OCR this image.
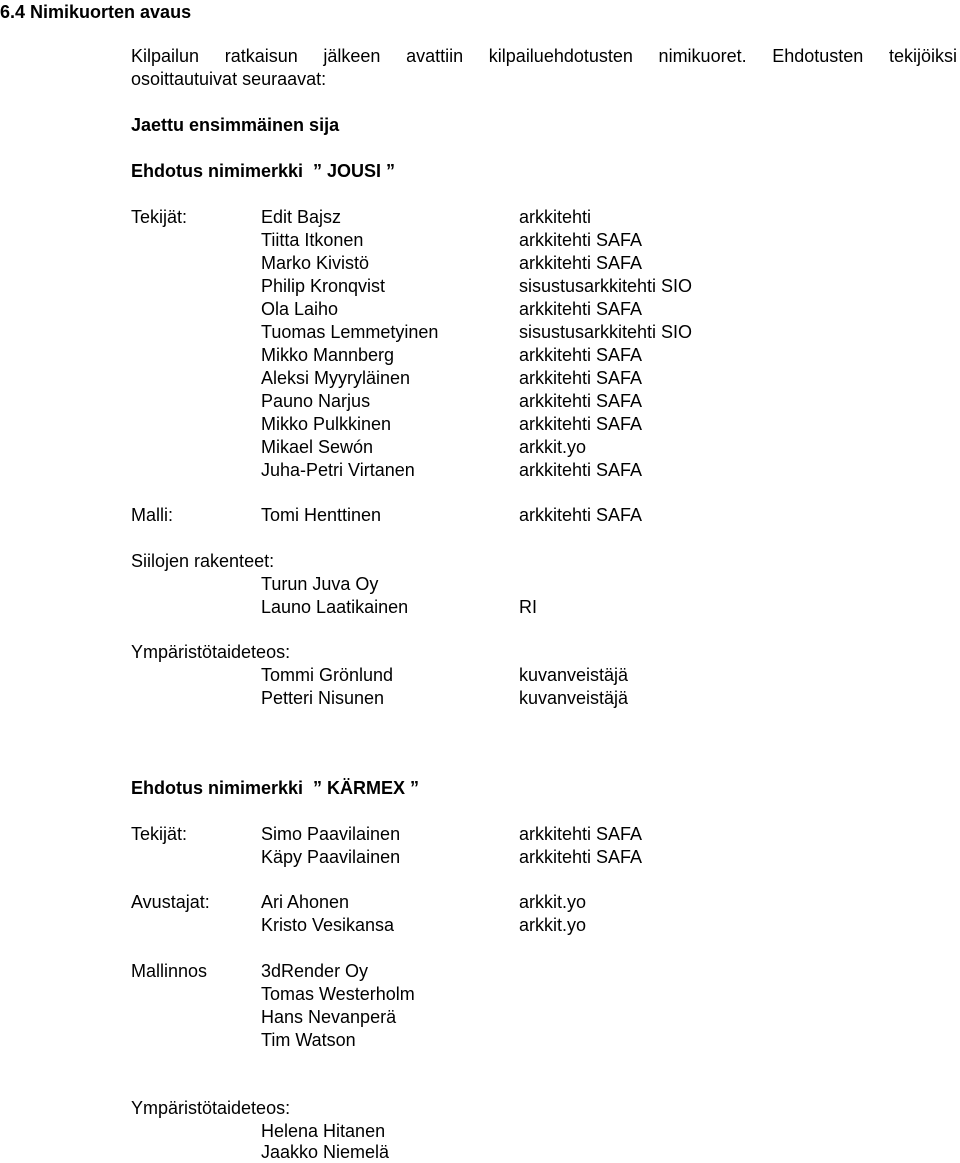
6.4 Nimikuorten avaus
Kilpailun ratkaisun jälkeen avattiin kilpailuehdotusten nimikuoret. Ehdotusten tekijöiksi
osoittautuivat seuraavat:
Jaettu ensimmäinen sija
Ehdotus nimimerkki  ” JOUSI ”
Tekijät:	Edit Bajsz	arkkitehti
Tiitta Itkonen	arkkitehti SAFA
Marko Kivistö	arkkitehti SAFA
Philip Kronqvist	sisustusarkkitehti SIO
Ola Laiho	arkkitehti SAFA
Tuomas Lemmetyinen	sisustusarkkitehti SIO
Mikko Mannberg	arkkitehti SAFA
Aleksi Myyryläinen	arkkitehti SAFA
Pauno Narjus	arkkitehti SAFA
Mikko Pulkkinen	arkkitehti SAFA
Mikael Sewón	arkkit.yo
Juha-Petri Virtanen	arkkitehti SAFA
Malli:	Tomi Henttinen	arkkitehti SAFA
Siilojen rakenteet:
Turun Juva Oy
Launo Laatikainen	RI
Ympäristötaideteos:
Tommi Grönlund	kuvanveistäjä
Petteri Nisunen	kuvanveistäjä
Ehdotus nimimerkki  ” KÄRMEX ”
Tekijät:	Simo Paavilainen	arkkitehti SAFA
Käpy Paavilainen	arkkitehti SAFA
Avustajat:	Ari Ahonen	arkkit.yo
Kristo Vesikansa	arkkit.yo
Mallinnos	3dRender Oy
Tomas Westerholm
Hans Nevanperä
Tim Watson
Ympäristötaideteos:
Helena Hitanen
Jaakko Niemelä
